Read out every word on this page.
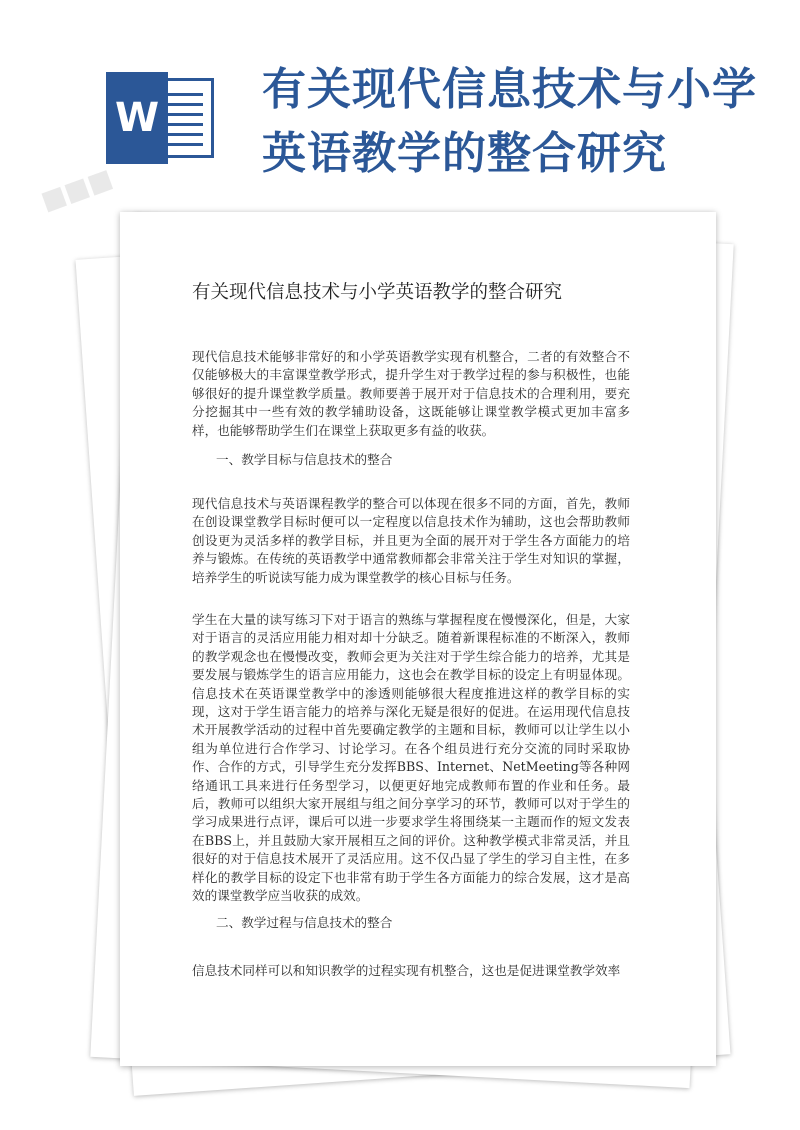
W
有关现代信息技术与小学英语教学的整合研究
有关现代信息技术与小学英语教学的整合研究

现代信息技术能够非常好的和小学英语教学实现有机整合，二者的有效整合不仅能够极大的丰富课堂教学形式，提升学生对于教学过程的参与积极性，也能够很好的提升课堂教学质量。教师要善于展开对于信息技术的合理利用，要充分挖掘其中一些有效的教学辅助设备，这既能够让课堂教学模式更加丰富多样，也能够帮助学生们在课堂上获取更多有益的收获。

一、教学目标与信息技术的整合

现代信息技术与英语课程教学的整合可以体现在很多不同的方面，首先，教师在创设课堂教学目标时便可以一定程度以信息技术作为辅助，这也会帮助教师创设更为灵活多样的教学目标，并且更为全面的展开对于学生各方面能力的培养与锻炼。在传统的英语教学中通常教师都会非常关注于学生对知识的掌握，培养学生的听说读写能力成为课堂教学的核心目标与任务。

学生在大量的读写练习下对于语言的熟练与掌握程度在慢慢深化，但是，大家对于语言的灵活应用能力相对却十分缺乏。随着新课程标准的不断深入，教师的教学观念也在慢慢改变，教师会更为关注对于学生综合能力的培养，尤其是要发展与锻炼学生的语言应用能力，这也会在教学目标的设定上有明显体现。信息技术在英语课堂教学中的渗透则能够很大程度推进这样的教学目标的实现，这对于学生语言能力的培养与深化无疑是很好的促进。在运用现代信息技术开展教学活动的过程中首先要确定教学的主题和目标，教师可以让学生以小组为单位进行合作学习、讨论学习。在各个组员进行充分交流的同时采取协作、合作的方式，引导学生充分发挥BBS、Internet、NetMeeting等各种网络通讯工具来进行任务型学习，以便更好地完成教师布置的作业和任务。最后，教师可以组织大家开展组与组之间分享学习的环节，教师可以对于学生的学习成果进行点评，课后可以进一步要求学生将围绕某一主题而作的短文发表在BBS上，并且鼓励大家开展相互之间的评价。这种教学模式非常灵活，并且很好的对于信息技术展开了灵活应用。这不仅凸显了学生的学习自主性，在多样化的教学目标的设定下也非常有助于学生各方面能力的综合发展，这才是高效的课堂教学应当收获的成效。

二、教学过程与信息技术的整合

信息技术同样可以和知识教学的过程实现有机整合，这也是促进课堂教学效率

■■■
